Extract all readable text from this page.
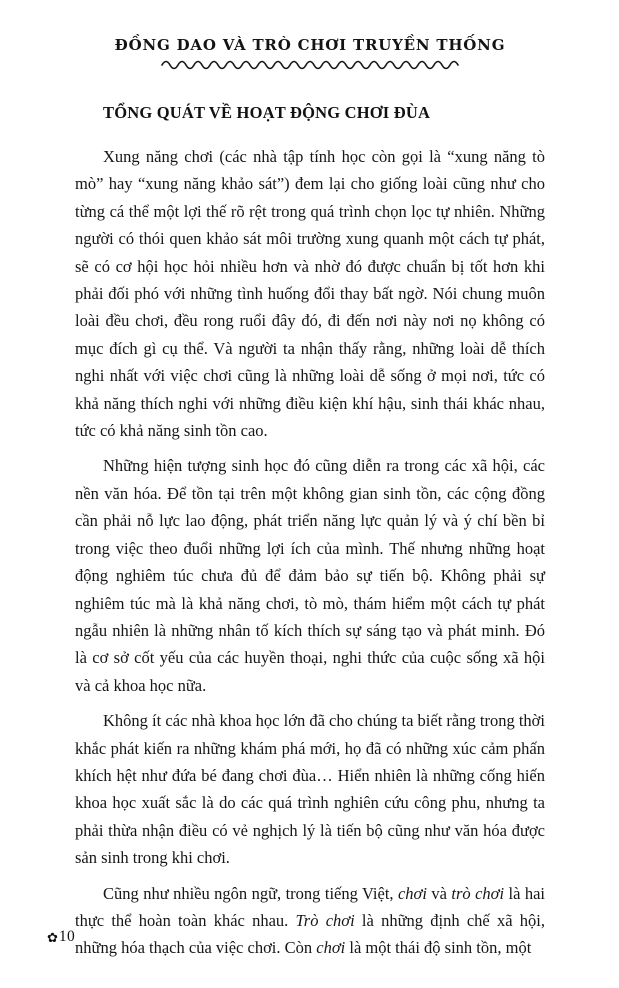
ĐỒNG DAO VÀ TRÒ CHƠI TRUYỀN THỐNG
TỔNG QUÁT VỀ HOẠT ĐỘNG CHƠI ĐÙA

Xung năng chơi (các nhà tập tính học còn gọi là “xung năng tò mò” hay “xung năng khảo sát”) đem lại cho giống loài cũng như cho từng cá thể một lợi thế rõ rệt trong quá trình chọn lọc tự nhiên. Những người có thói quen khảo sát môi trường xung quanh một cách tự phát, sẽ có cơ hội học hỏi nhiều hơn và nhờ đó được chuẩn bị tốt hơn khi phải đối phó với những tình huống đổi thay bất ngờ. Nói chung muôn loài đều chơi, đều rong ruổi đây đó, đi đến nơi này nơi nọ không có mục đích gì cụ thể. Và người ta nhận thấy rằng, những loài dễ thích nghi nhất với việc chơi cũng là những loài dễ sống ở mọi nơi, tức có khả năng thích nghi với những điều kiện khí hậu, sinh thái khác nhau, tức có khả năng sinh tồn cao.

Những hiện tượng sinh học đó cũng diễn ra trong các xã hội, các nền văn hóa. Để tồn tại trên một không gian sinh tồn, các cộng đồng cần phải nỗ lực lao động, phát triển năng lực quản lý và ý chí bền bỉ trong việc theo đuổi những lợi ích của mình. Thế nhưng những hoạt động nghiêm túc chưa đủ để đảm bảo sự tiến bộ. Không phải sự nghiêm túc mà là khả năng chơi, tò mò, thám hiểm một cách tự phát ngẫu nhiên là những nhân tố kích thích sự sáng tạo và phát minh. Đó là cơ sở cốt yếu của các huyền thoại, nghi thức của cuộc sống xã hội và cả khoa học nữa.

Không ít các nhà khoa học lớn đã cho chúng ta biết rằng trong thời khắc phát kiến ra những khám phá mới, họ đã có những xúc cảm phấn khích hệt như đứa bé đang chơi đùa… Hiển nhiên là những cống hiến khoa học xuất sắc là do các quá trình nghiên cứu công phu, nhưng ta phải thừa nhận điều có vẻ nghịch lý là tiến bộ cũng như văn hóa được sản sinh trong khi chơi.

Cũng như nhiều ngôn ngữ, trong tiếng Việt, chơi và trò chơi là hai thực thể hoàn toàn khác nhau. Trò chơi là những định chế xã hội, những hóa thạch của việc chơi. Còn chơi là một thái độ sinh tồn, một

✿ 10
